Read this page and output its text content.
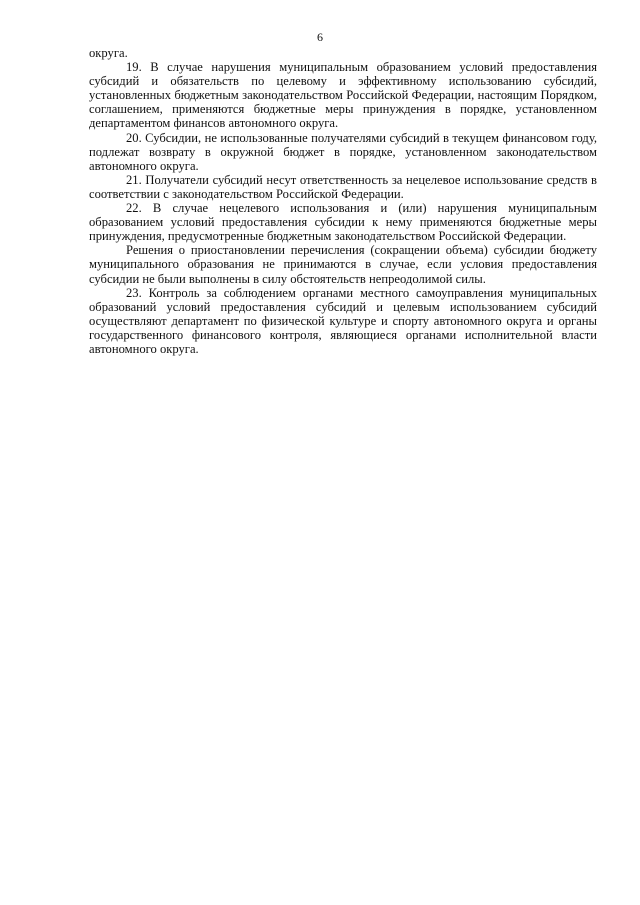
6

округа.

19. В случае нарушения муниципальным образованием условий предоставления субсидий и обязательств по целевому и эффективному использованию субсидий, установленных бюджетным законодательством Российской Федерации, настоящим Порядком, соглашением, применяются бюджетные меры принуждения в порядке, установленном департаментом финансов автономного округа.

20. Субсидии, не использованные получателями субсидий в текущем финансовом году, подлежат возврату в окружной бюджет в порядке, установленном законодательством автономного округа.

21. Получатели субсидий несут ответственность за нецелевое использование средств в соответствии с законодательством Российской Федерации.

22. В случае нецелевого использования и (или) нарушения муниципальным образованием условий предоставления субсидии к нему применяются бюджетные меры принуждения, предусмотренные бюджетным законодательством Российской Федерации.

Решения о приостановлении перечисления (сокращении объема) субсидии бюджету муниципального образования не принимаются в случае, если условия предоставления субсидии не были выполнены в силу обстоятельств непреодолимой силы.

23. Контроль за соблюдением органами местного самоуправления муниципальных образований условий предоставления субсидий и целевым использованием субсидий осуществляют департамент по физической культуре и спорту автономного округа и органы государственного финансового контроля, являющиеся органами исполнительной власти автономного округа.
